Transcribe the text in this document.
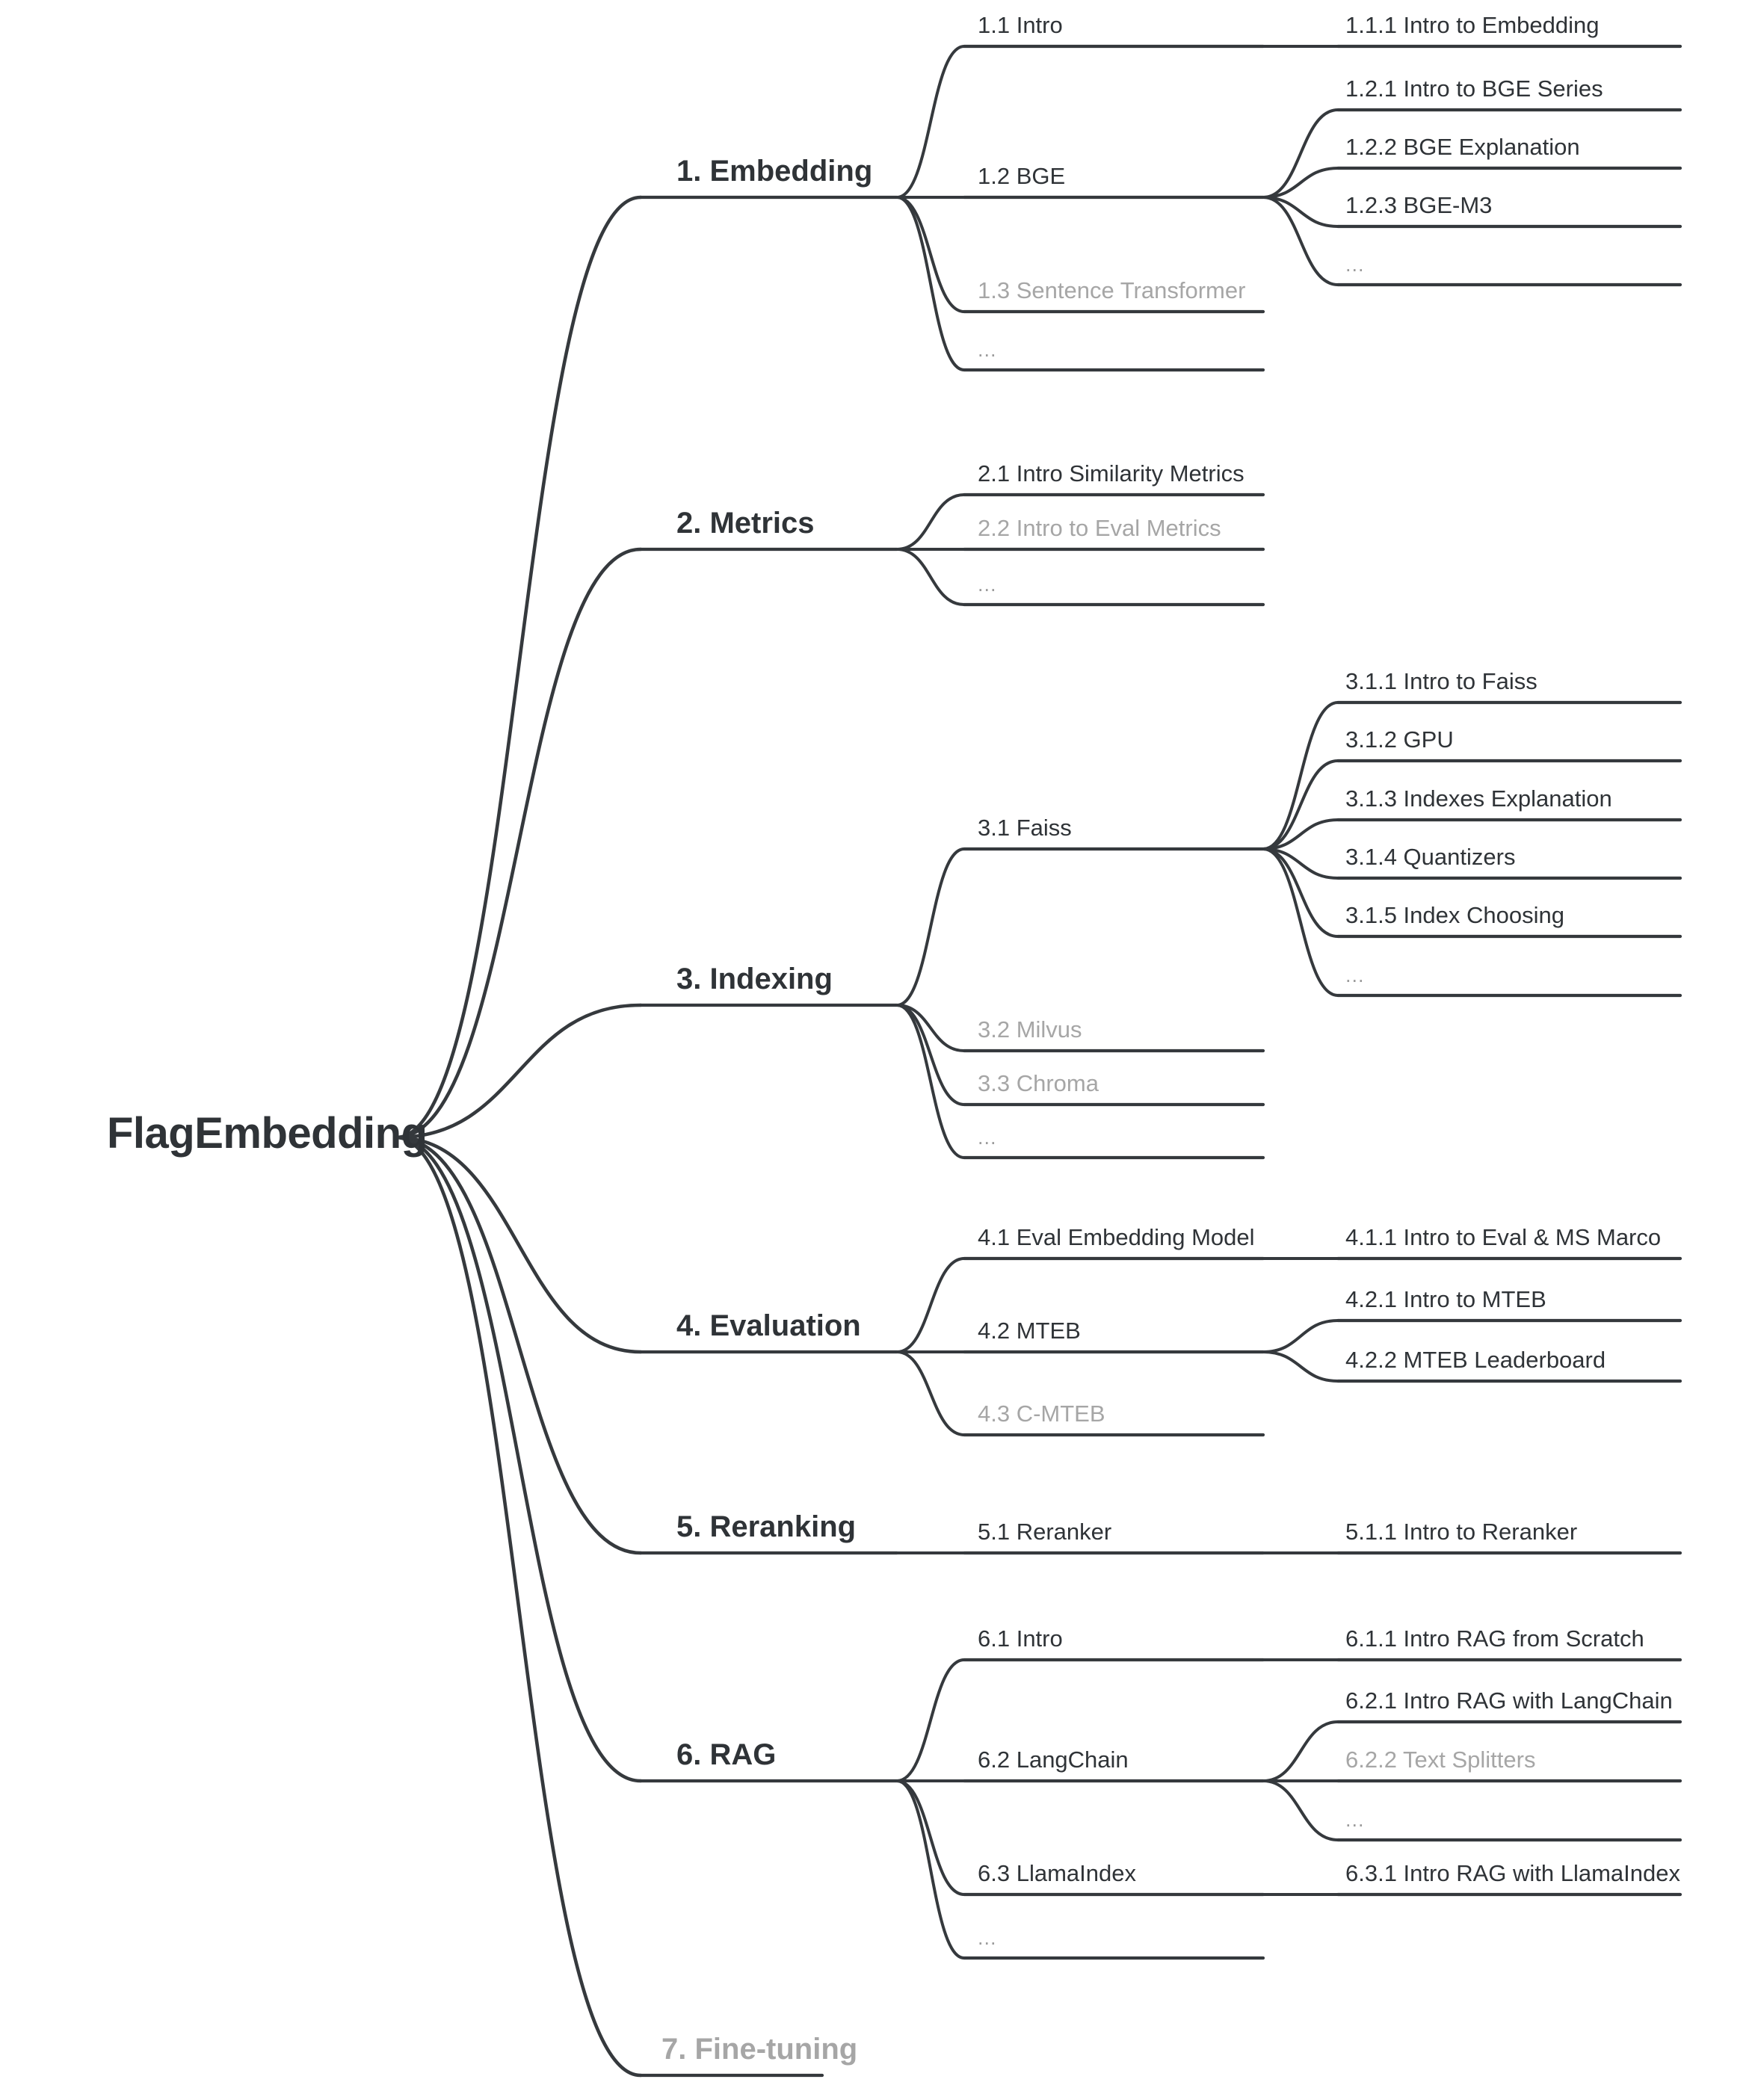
FlagEmbedding
1. Embedding
1.1 Intro	1.1.1 Intro to Embedding
1.2 BGE
1.2.1 Intro to BGE Series
1.2.2 BGE Explanation
1.2.3 BGE-M3
...
1.3 Sentence Transformer
...
2. Metrics
2.1 Intro Similarity Metrics
2.2 Intro to Eval Metrics
...
3. Indexing
3.1 Faiss
3.1.1 Intro to Faiss
3.1.2 GPU
3.1.3 Indexes Explanation
3.1.4 Quantizers
3.1.5 Index Choosing
...
3.2 Milvus
3.3 Chroma
...
4. Evaluation
4.1 Eval Embedding Model	4.1.1 Intro to Eval & MS Marco
4.2 MTEB
4.2.1 Intro to MTEB
4.2.2 MTEB Leaderboard
4.3 C-MTEB
5. Reranking	5.1 Reranker	5.1.1 Intro to Reranker
6. RAG
6.1 Intro	6.1.1 Intro RAG from Scratch
6.2 LangChain
6.2.1 Intro RAG with LangChain
6.2.2 Text Splitters
...
6.3 LlamaIndex	6.3.1 Intro RAG with LlamaIndex
...
7. Fine-tuning
